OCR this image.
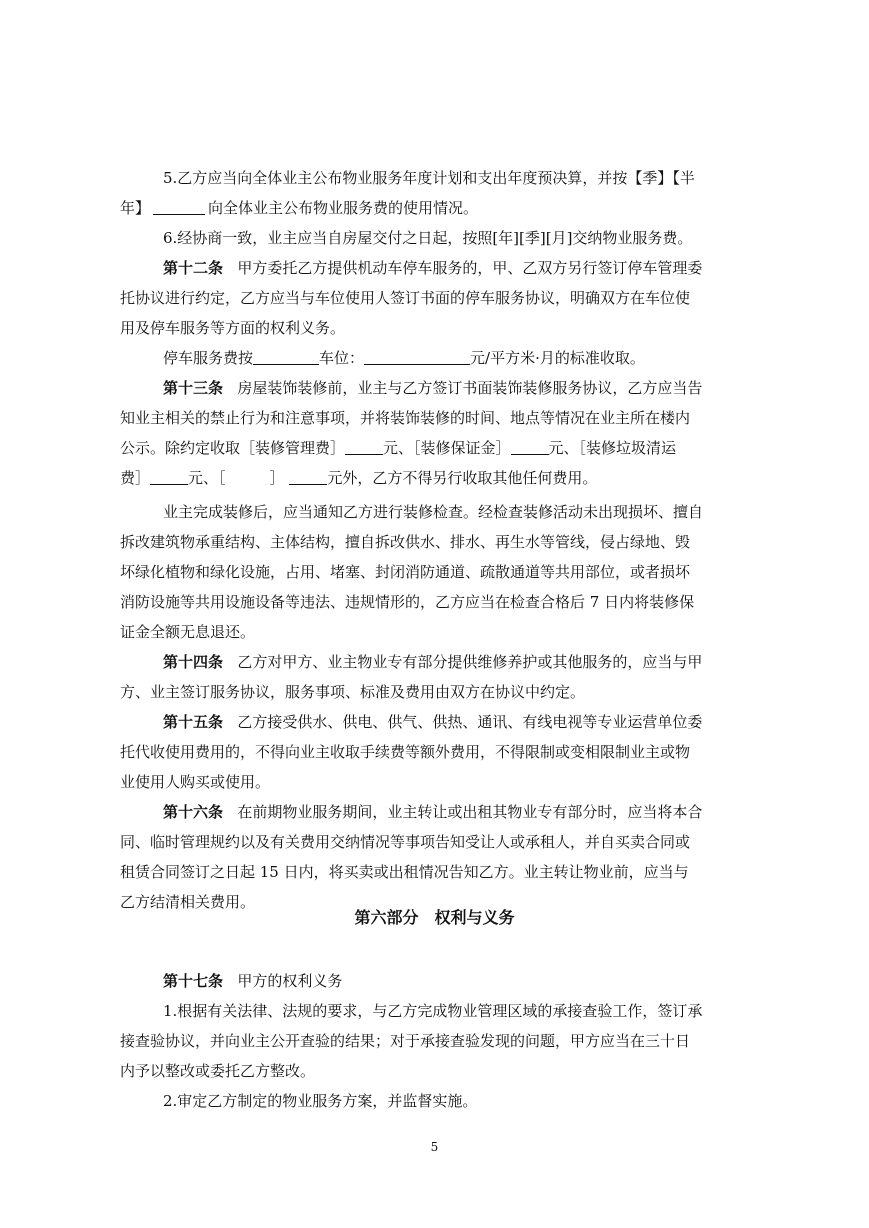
5.乙方应当向全体业主公布物业服务年度计划和支出年度预决算，并按【季】【半

年】	向全体业主公布物业服务费的使用情况。

6.经协商一致，业主应当自房屋交付之日起，按照[年][季][月]交纳物业服务费。

第十二条 甲方委托乙方提供机动车停车服务的，甲、乙双方另行签订停车管理委

托协议进行约定，乙方应当与车位使用人签订书面的停车服务协议，明确双方在车位使

用及停车服务等方面的权利义务。

停车服务费按	车位：	元/平方米·月的标准收取。

第十三条 房屋装饰装修前，业主与乙方签订书面装饰装修服务协议，乙方应当告

知业主相关的禁止行为和注意事项，并将装饰装修的时间、地点等情况在业主所在楼内

公示。除约定收取［装修管理费］	元、［装修保证金］	元、［装修垃圾清运

费］	元、［	］	元外，乙方不得另行收取其他任何费用。

业主完成装修后，应当通知乙方进行装修检查。经检查装修活动未出现损坏、擅自

拆改建筑物承重结构、主体结构，擅自拆改供水、排水、再生水等管线，侵占绿地、毁

坏绿化植物和绿化设施，占用、堵塞、封闭消防通道、疏散通道等共用部位，或者损坏

消防设施等共用设施设备等违法、违规情形的，乙方应当在检查合格后 7 日内将装修保

证金全额无息退还。

第十四条 乙方对甲方、业主物业专有部分提供维修养护或其他服务的，应当与甲

方、业主签订服务协议，服务事项、标准及费用由双方在协议中约定。

第十五条 乙方接受供水、供电、供气、供热、通讯、有线电视等专业运营单位委

托代收使用费用的，不得向业主收取手续费等额外费用，不得限制或变相限制业主或物

业使用人购买或使用。

第十六条 在前期物业服务期间，业主转让或出租其物业专有部分时，应当将本合

同、临时管理规约以及有关费用交纳情况等事项告知受让人或承租人，并自买卖合同或

租赁合同签订之日起 15 日内，将买卖或出租情况告知乙方。业主转让物业前，应当与

乙方结清相关费用。

第六部分　权利与义务

第十七条 甲方的权利义务

1.根据有关法律、法规的要求，与乙方完成物业管理区域的承接查验工作，签订承

接查验协议，并向业主公开查验的结果；对于承接查验发现的问题，甲方应当在三十日

内予以整改或委托乙方整改。

2.审定乙方制定的物业服务方案，并监督实施。

5
